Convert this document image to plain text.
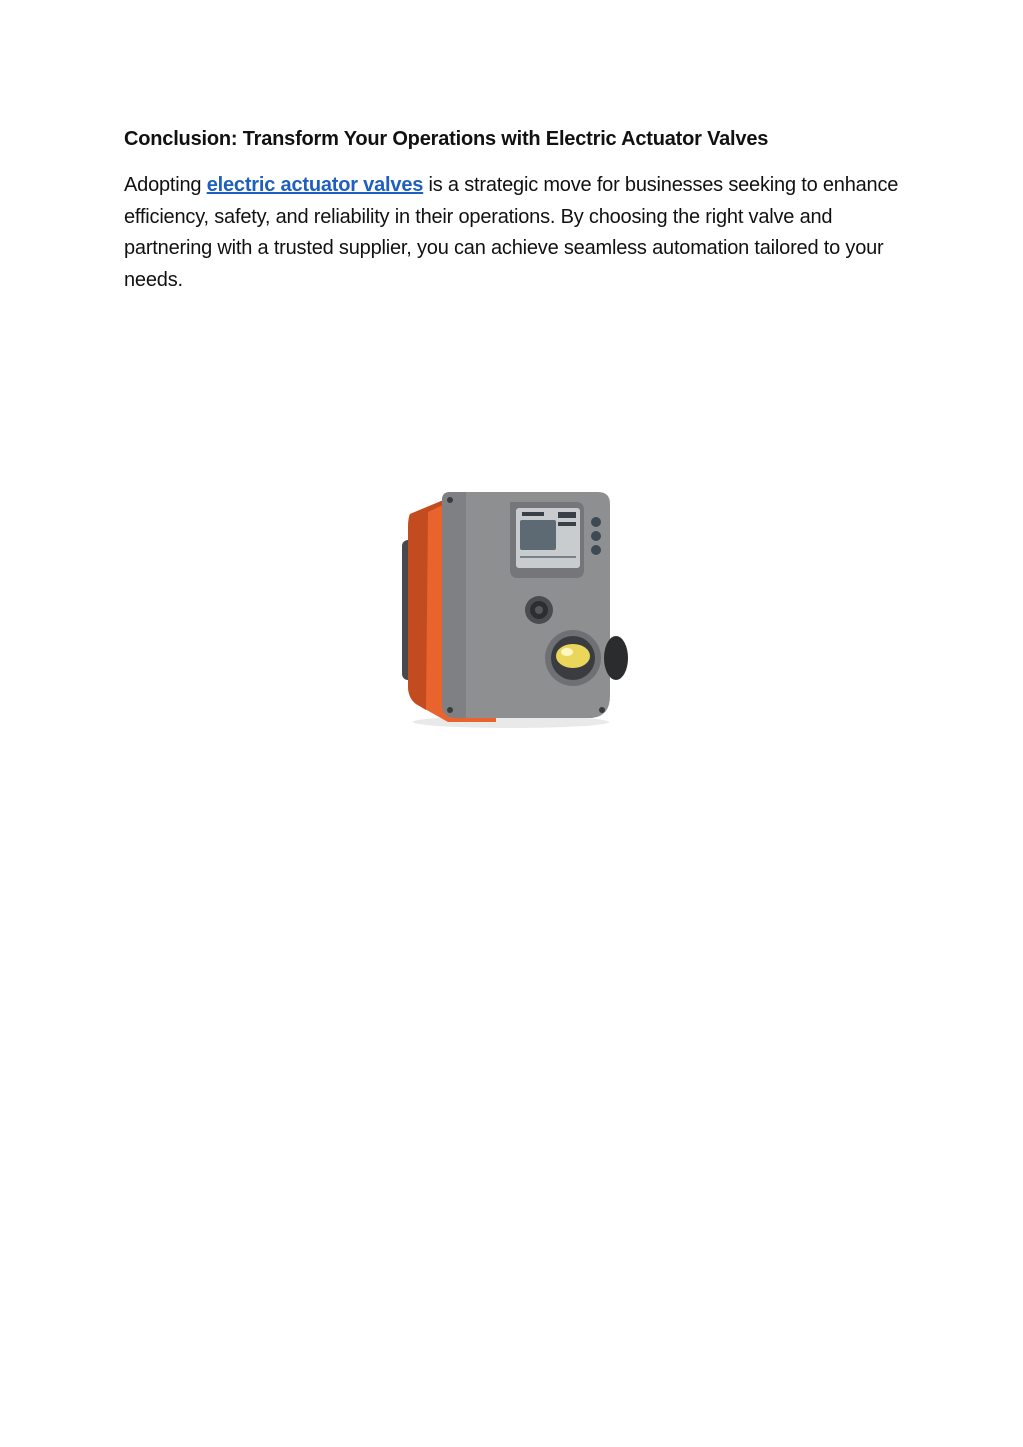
Conclusion: Transform Your Operations with Electric Actuator Valves

Adopting electric actuator valves is a strategic move for businesses seeking to enhance efficiency, safety, and reliability in their operations. By choosing the right valve and partnering with a trusted supplier, you can achieve seamless automation tailored to your needs.
